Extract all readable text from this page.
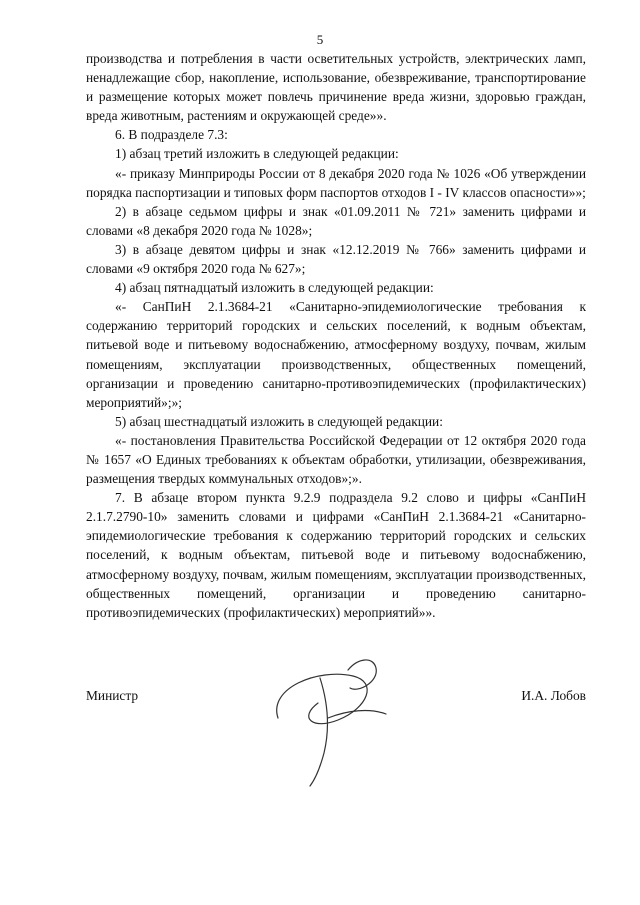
5

производства и потребления в части осветительных устройств, электрических ламп, ненадлежащие сбор, накопление, использование, обезвреживание, транспортирование и размещение которых может повлечь причинение вреда жизни, здоровью граждан, вреда животным, растениям и окружающей среде»».

6. В подразделе 7.3:

1) абзац третий изложить в следующей редакции:

«- приказу Минприроды России от 8 декабря 2020 года № 1026 «Об утверждении порядка паспортизации и типовых форм паспортов отходов I - IV классов опасности»»;

2) в абзаце седьмом цифры и знак «01.09.2011 № 721» заменить цифрами и словами «8 декабря 2020 года № 1028»;

3) в абзаце девятом цифры и знак «12.12.2019 № 766» заменить цифрами и словами «9 октября 2020 года № 627»;

4) абзац пятнадцатый изложить в следующей редакции:

«- СанПиН 2.1.3684-21 «Санитарно-эпидемиологические требования к содержанию территорий городских и сельских поселений, к водным объектам, питьевой воде и питьевому водоснабжению, атмосферному воздуху, почвам, жилым помещениям, эксплуатации производственных, общественных помещений, организации и проведению санитарно-противоэпидемических (профилактических) мероприятий»;»;

5) абзац шестнадцатый изложить в следующей редакции:

«- постановления Правительства Российской Федерации от 12 октября 2020 года № 1657 «О Единых требованиях к объектам обработки, утилизации, обезвреживания, размещения твердых коммунальных отходов»;».

7. В абзаце втором пункта 9.2.9 подраздела 9.2 слово и цифры «СанПиН 2.1.7.2790-10» заменить словами и цифрами «СанПиН 2.1.3684-21 «Санитарно-эпидемиологические требования к содержанию территорий городских и сельских поселений, к водным объектам, питьевой воде и питьевому водоснабжению, атмосферному воздуху, почвам, жилым помещениям, эксплуатации производственных, общественных помещений, организации и проведению санитарно-противоэпидемических (профилактических) мероприятий»».

Министр	И.А. Лобов
